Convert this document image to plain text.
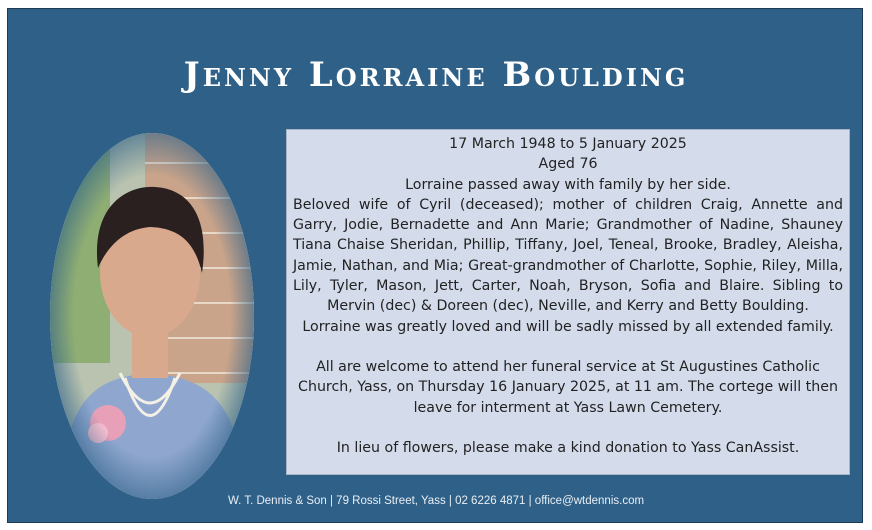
Jenny Lorraine Boulding
17 March 1948 to 5 January 2025
Aged 76
Lorraine passed away with family by her side.
Beloved wife of Cyril (deceased); mother of children Craig, Annette and Garry, Jodie, Bernadette and Ann Marie; Grandmother of Nadine, Shauney Tiana Chaise Sheridan, Phillip, Tiffany, Joel, Teneal, Brooke, Bradley, Aleisha, Jamie, Nathan, and Mia; Great-grandmother of Charlotte, Sophie, Riley, Milla, Lily, Tyler, Mason, Jett, Carter, Noah, Bryson, Sofia and Blaire. Sibling to Mervin (dec) & Doreen (dec), Neville, and Kerry and Betty Boulding.
Lorraine was greatly loved and will be sadly missed by all extended family.
All are welcome to attend her funeral service at St Augustines Catholic Church, Yass, on Thursday 16 January 2025, at 11 am. The cortege will then leave for interment at Yass Lawn Cemetery.
In lieu of flowers, please make a kind donation to Yass CanAssist.
W. T. Dennis & Son | 79 Rossi Street, Yass | 02 6226 4871 | office@wtdennis.com
